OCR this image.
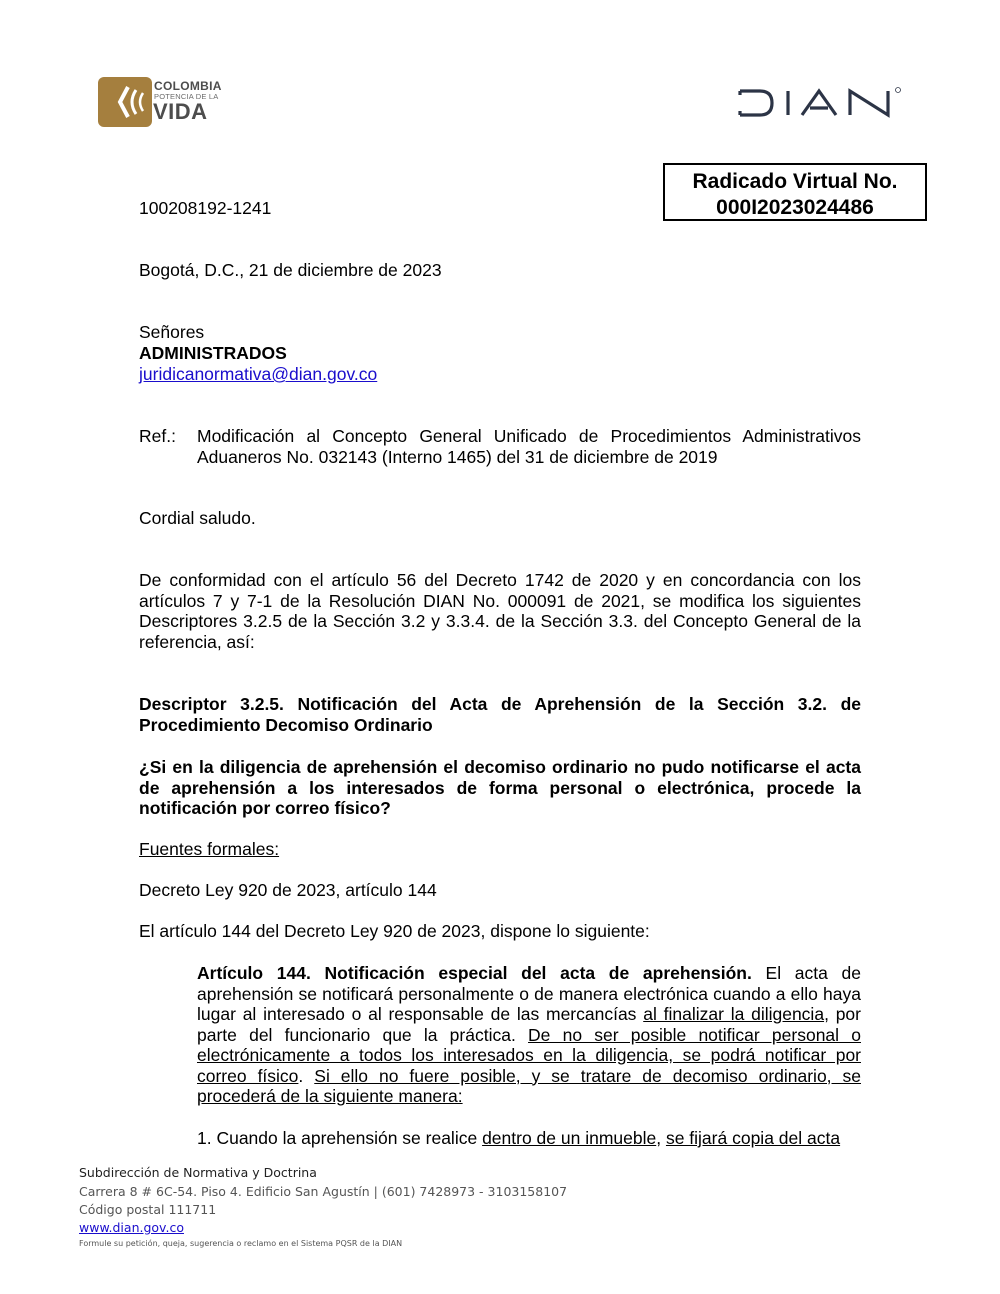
COLOMBIA
POTENCIA DE LA
VIDA
Radicado Virtual No.
000I2023024486
100208192-1241
Bogotá, D.C., 21 de diciembre de 2023
Señores
ADMINISTRADOS
juridicanormativa@dian.gov.co
Ref.: Modificación al Concepto General Unificado de Procedimientos Administrativos Aduaneros No. 032143 (Interno 1465) del 31 de diciembre de 2019
Cordial saludo.
De conformidad con el artículo 56 del Decreto 1742 de 2020 y en concordancia con los artículos 7 y 7-1 de la Resolución DIAN No. 000091 de 2021, se modifica los siguientes Descriptores 3.2.5 de la Sección 3.2 y 3.3.4. de la Sección 3.3. del Concepto General de la referencia, así:
Descriptor 3.2.5. Notificación del Acta de Aprehensión de la Sección 3.2. de Procedimiento Decomiso Ordinario
¿Si en la diligencia de aprehensión el decomiso ordinario no pudo notificarse el acta de aprehensión a los interesados de forma personal o electrónica, procede la notificación por correo físico?
Fuentes formales:
Decreto Ley 920 de 2023, artículo 144
El artículo 144 del Decreto Ley 920 de 2023, dispone lo siguiente:
Artículo 144. Notificación especial del acta de aprehensión. El acta de aprehensión se notificará personalmente o de manera electrónica cuando a ello haya lugar al interesado o al responsable de las mercancías al finalizar la diligencia, por parte del funcionario que la práctica. De no ser posible notificar personal o electrónicamente a todos los interesados en la diligencia, se podrá notificar por correo físico. Si ello no fuere posible, y se tratare de decomiso ordinario, se procederá de la siguiente manera:
1. Cuando la aprehensión se realice dentro de un inmueble, se fijará copia del acta
Subdirección de Normativa y Doctrina
Carrera 8 # 6C-54. Piso 4. Edificio San Agustín | (601) 7428973 - 3103158107
Código postal 111711
www.dian.gov.co
Formule su petición, queja, sugerencia o reclamo en el Sistema PQSR de la DIAN
